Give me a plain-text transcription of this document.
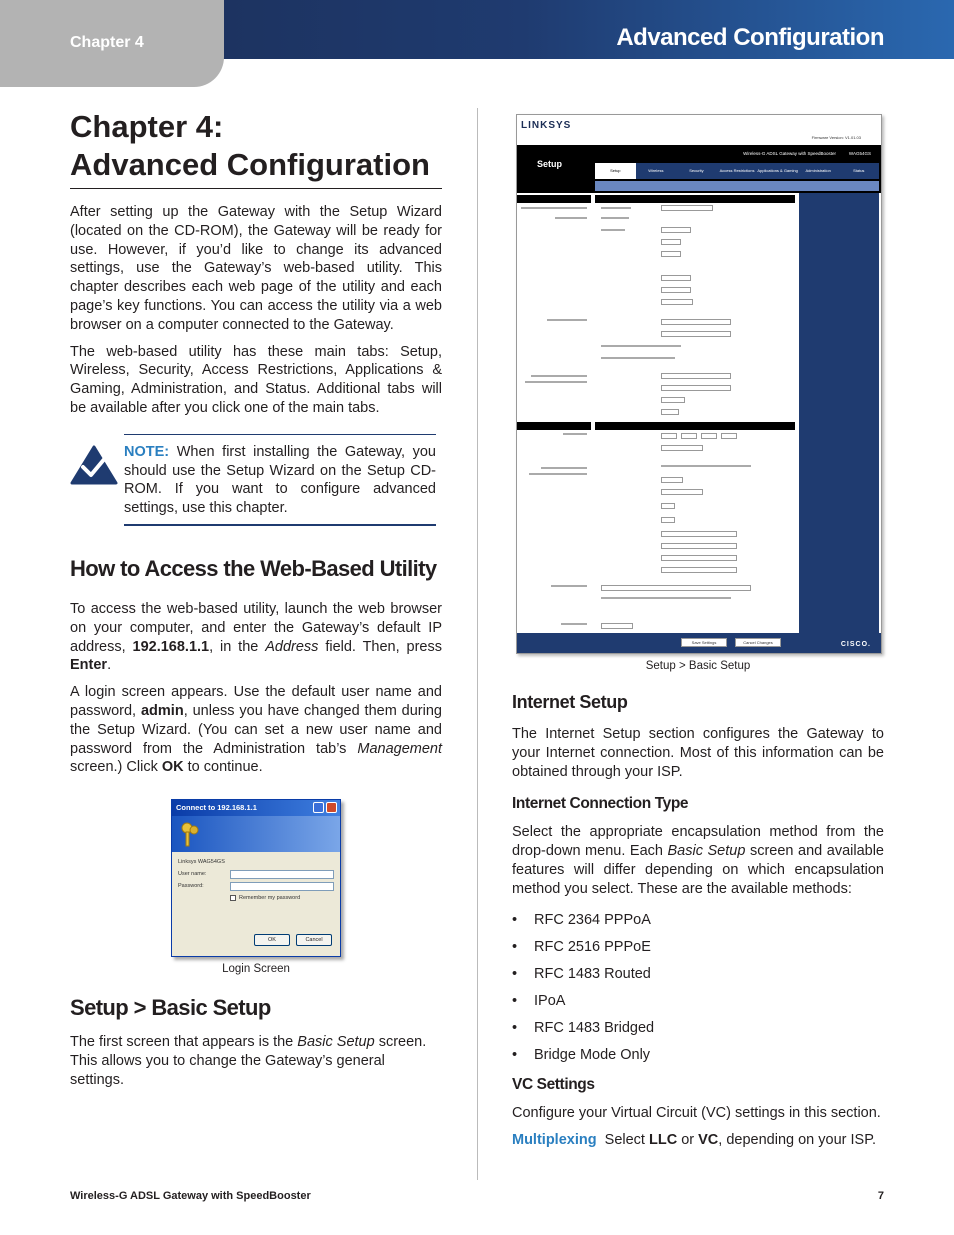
Chapter 4	Advanced Configuration
Chapter 4:
Advanced Configuration

After setting up the Gateway with the Setup Wizard (located on the CD-ROM), the Gateway will be ready for use. However, if you’d like to change its advanced settings, use the Gateway’s web-based utility. This chapter describes each web page of the utility and each page’s key functions. You can access the utility via a web browser on a computer connected to the Gateway.

The web-based utility has these main tabs: Setup, Wireless, Security, Access Restrictions, Applications & Gaming, Administration, and Status. Additional tabs will be available after you click one of the main tabs.

NOTE: When first installing the Gateway, you should use the Setup Wizard on the Setup CD-ROM. If you want to configure advanced settings, use this chapter.

How to Access the Web-Based Utility

To access the web-based utility, launch the web browser on your computer, and enter the Gateway’s default IP address, 192.168.1.1, in the Address field. Then, press Enter.

A login screen appears. Use the default user name and password, admin, unless you have changed them during the Setup Wizard. (You can set a new user name and password from the Administration tab’s Management screen.) Click OK to continue.

Connect to 192.168.1.1
Linksys WAG54GS
User name:
Password:
Remember my password
OK	Cancel
Login Screen
Setup > Basic Setup

The first screen that appears is the Basic Setup screen. This allows you to change the Gateway’s general settings.

LINKSYS
Firmware Version: V1.01.03
Setup
Wireless-G ADSL Gateway with SpeedBooster	WAG54GS
Setup	Wireless	Security	Access Restrictions Applications & Gaming	Administration	Status
Save Settings	Cancel Changes	CISCO.
Setup > Basic Setup
Internet Setup

The Internet Setup section configures the Gateway to your Internet connection. Most of this information can be obtained through your ISP.

Internet Connection Type

Select the appropriate encapsulation method from the drop-down menu. Each Basic Setup screen and available features will differ depending on which encapsulation method you select. These are the available methods:

• RFC 2364 PPPoA
• RFC 2516 PPPoE
• RFC 1483 Routed
• IPoA
• RFC 1483 Bridged
• Bridge Mode Only
VC Settings

Configure your Virtual Circuit (VC) settings in this section.

Multiplexing  Select LLC or VC, depending on your ISP.

Wireless-G ADSL Gateway with SpeedBooster	7
